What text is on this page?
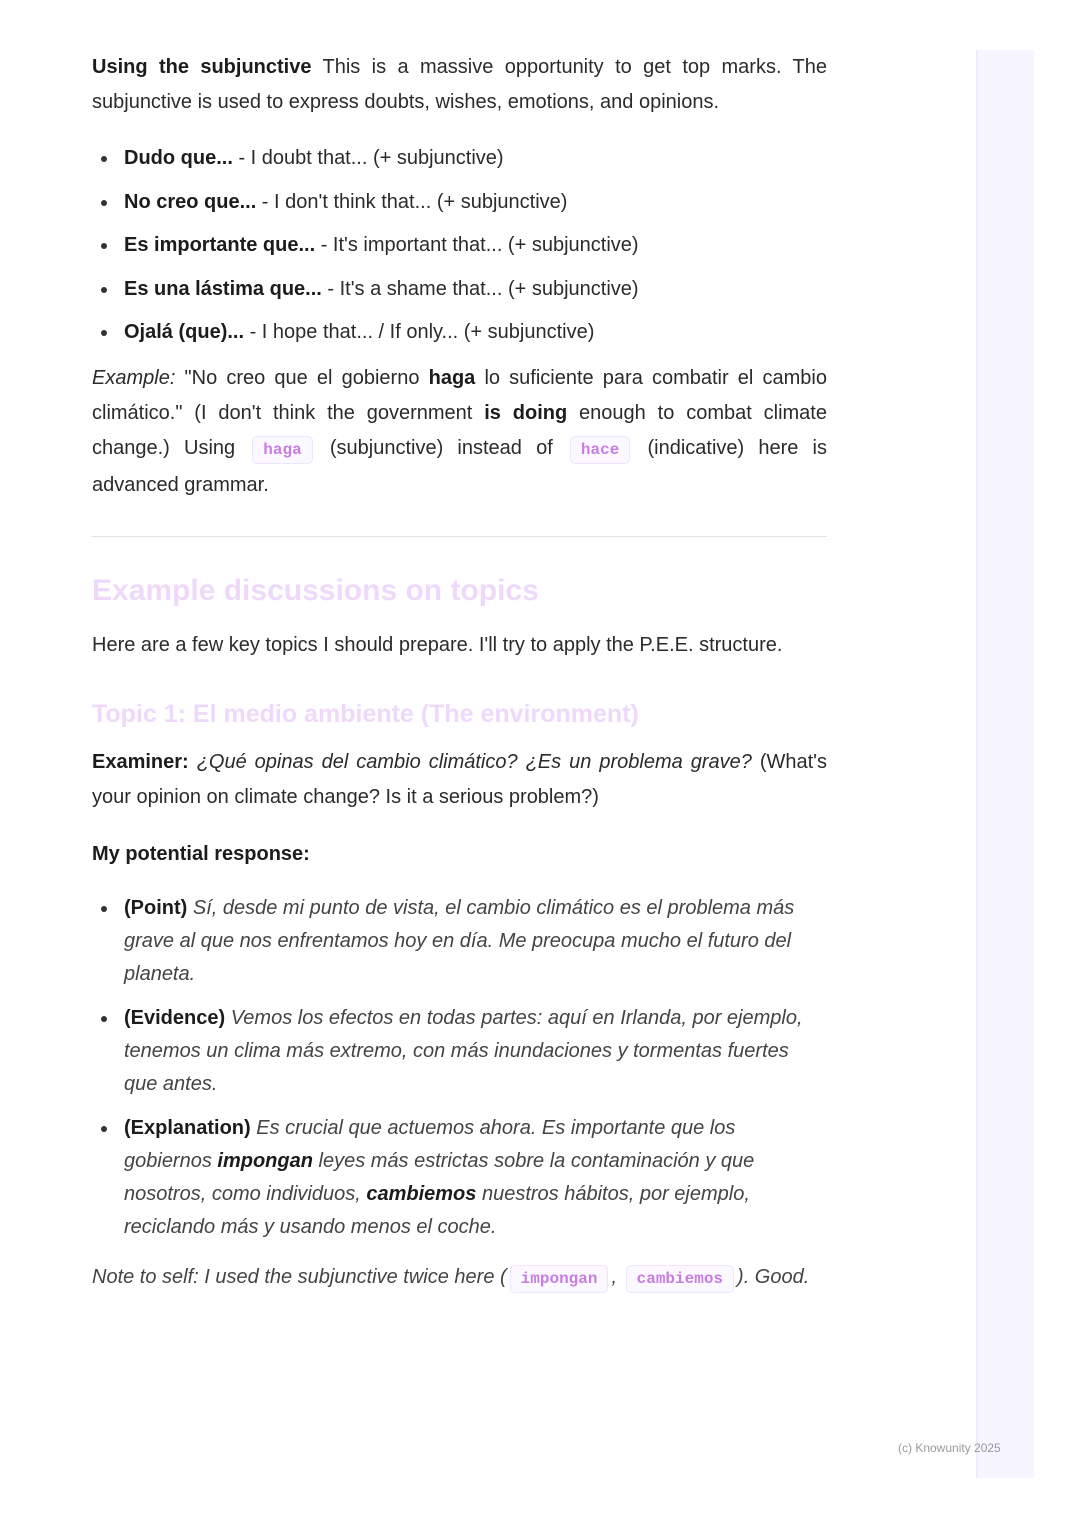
Using the subjunctive This is a massive opportunity to get top marks. The subjunctive is used to express doubts, wishes, emotions, and opinions.

Dudo que... - I doubt that... (+ subjunctive)
No creo que... - I don't think that... (+ subjunctive)
Es importante que... - It's important that... (+ subjunctive)
Es una lástima que... - It's a shame that... (+ subjunctive)
Ojalá (que)... - I hope that... / If only... (+ subjunctive)

Example: "No creo que el gobierno haga lo suficiente para combatir el cambio climático." (I don't think the government is doing enough to combat climate change.) Using haga (subjunctive) instead of hace (indicative) here is advanced grammar.

Example discussions on topics

Here are a few key topics I should prepare. I'll try to apply the P.E.E. structure.

Topic 1: El medio ambiente (The environment)

Examiner: ¿Qué opinas del cambio climático? ¿Es un problema grave? (What's your opinion on climate change? Is it a serious problem?)

My potential response:

(Point) Sí, desde mi punto de vista, el cambio climático es el problema más grave al que nos enfrentamos hoy en día. Me preocupa mucho el futuro del planeta.
(Evidence) Vemos los efectos en todas partes: aquí en Irlanda, por ejemplo, tenemos un clima más extremo, con más inundaciones y tormentas fuertes que antes.
(Explanation) Es crucial que actuemos ahora. Es importante que los gobiernos impongan leyes más estrictas sobre la contaminación y que nosotros, como individuos, cambiemos nuestros hábitos, por ejemplo, reciclando más y usando menos el coche.

Note to self: I used the subjunctive twice here ( impongan , cambiemos ). Good.

(c) Knowunity 2025
